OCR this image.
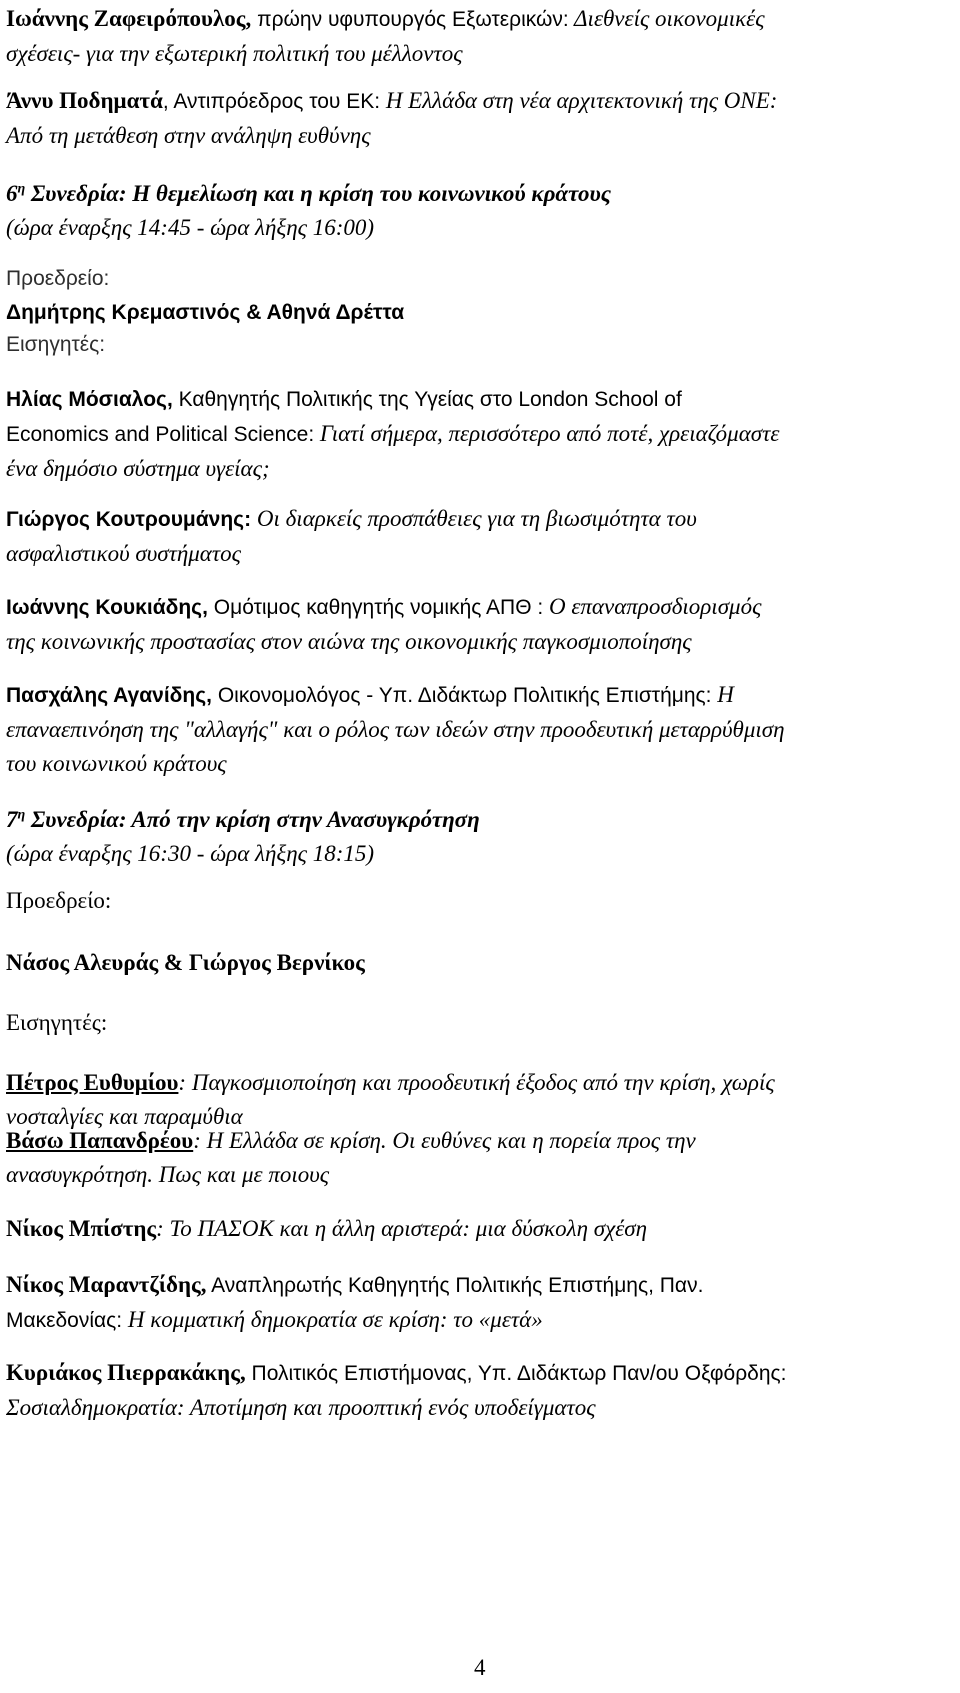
Ιωάννης Ζαφειρόπουλος, πρώην υφυπουργός Εξωτερικών: Διεθνείς οικονομικές
σχέσεις- για την εξωτερική πολιτική του μέλλοντος

Άννυ Ποδηματά, Αντιπρόεδρος του ΕΚ: Η Ελλάδα στη νέα αρχιτεκτονική της ΟΝΕ:
Από τη μετάθεση στην ανάληψη ευθύνης

$6^\eta$ Συνεδρία: Η θεμελίωση και η κρίση του κοινωνικού κράτους
(ώρα έναρξης 14:45 - ώρα λήξης 16:00)

Προεδρείο:

Δημήτρης Κρεμαστινός & Αθηνά Δρέττα

Εισηγητές:

Ηλίας Μόσιαλος, Καθηγητής Πολιτικής της Υγείας στο London School of
Economics and Political Science: Γιατί σήμερα, περισσότερο από ποτέ, χρειαζόμαστε
ένα δημόσιο σύστημα υγείας;

Γιώργος Κουτρουμάνης: Οι διαρκείς προσπάθειες για τη βιωσιμότητα του
ασφαλιστικού συστήματος

Ιωάννης Κουκιάδης, Ομότιμος καθηγητής νομικής ΑΠΘ : Ο επαναπροσδιορισμός
της κοινωνικής προστασίας στον αιώνα της οικονομικής παγκοσμιοποίησης

Πασχάλης Αγανίδης, Οικονομολόγος - Υπ. Διδάκτωρ Πολιτικής Επιστήμης: Η
επαναεπινόηση της "αλλαγής" και ο ρόλος των ιδεών στην προοδευτική μεταρρύθμιση
του κοινωνικού κράτους

$7^\eta$ Συνεδρία: Από την κρίση στην Ανασυγκρότηση
(ώρα έναρξης 16:30 - ώρα λήξης 18:15)

Προεδρείο:

Νάσος Αλευράς & Γιώργος Βερνίκος

Εισηγητές:

Πέτρος Ευθυμίου: Παγκοσμιοποίηση και προοδευτική έξοδος από την κρίση, χωρίς
νοσταλγίες και παραμύθια

Βάσω Παπανδρέου: Η Ελλάδα σε κρίση. Οι ευθύνες και η πορεία προς την
ανασυγκρότηση. Πως και με ποιους

Νίκος Μπίστης: Το ΠΑΣΟΚ και η άλλη αριστερά: μια δύσκολη σχέση

Νίκος Μαραντζίδης, Αναπληρωτής Καθηγητής Πολιτικής Επιστήμης, Παν.
Μακεδονίας: Η κομματική δημοκρατία σε κρίση: το «μετά»

Κυριάκος Πιερρακάκης, Πολιτικός Επιστήμονας, Υπ. Διδάκτωρ Παν/ου Οξφόρδης:
Σοσιαλδημοκρατία: Αποτίμηση και προοπτική ενός υποδείγματος

4
